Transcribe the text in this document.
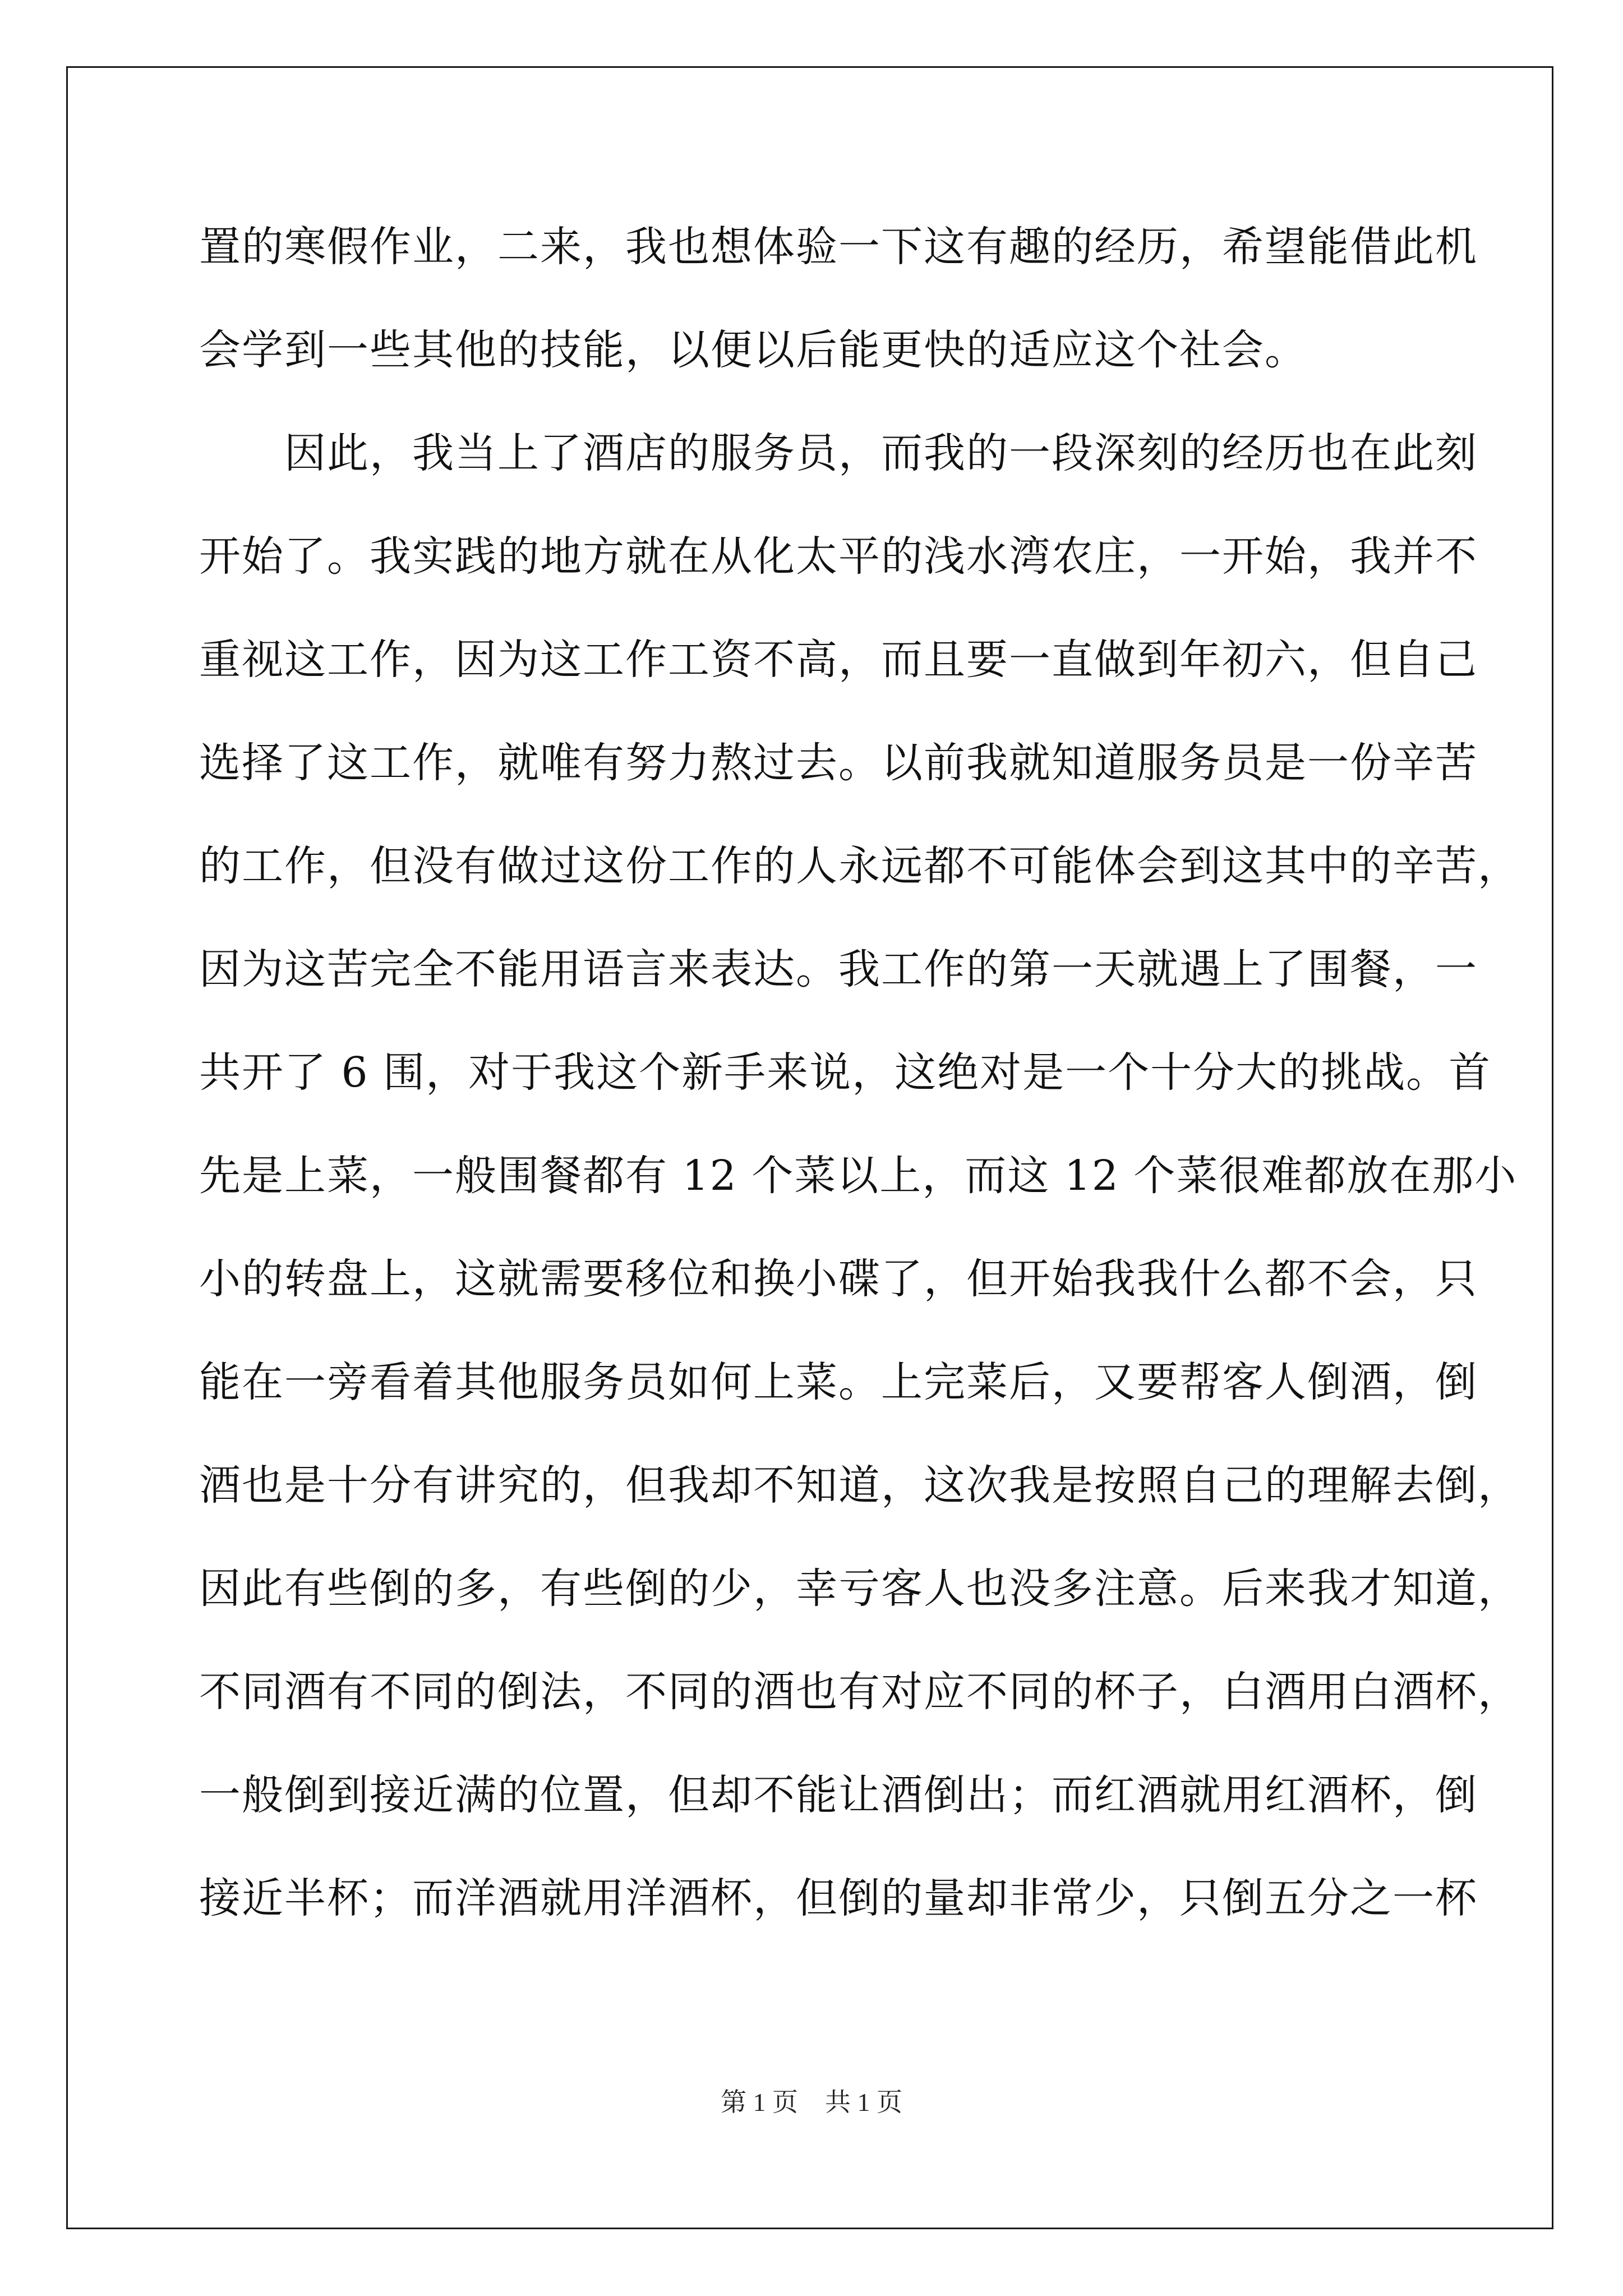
置的寒假作业，二来，我也想体验一下这有趣的经历，希望能借此机
会学到一些其他的技能，以便以后能更快的适应这个社会。
　　因此，我当上了酒店的服务员，而我的一段深刻的经历也在此刻
开始了。我实践的地方就在从化太平的浅水湾农庄，一开始，我并不
重视这工作，因为这工作工资不高，而且要一直做到年初六，但自己
选择了这工作，就唯有努力熬过去。以前我就知道服务员是一份辛苦
的工作，但没有做过这份工作的人永远都不可能体会到这其中的辛苦，
因为这苦完全不能用语言来表达。我工作的第一天就遇上了围餐，一
共开了 6 围，对于我这个新手来说，这绝对是一个十分大的挑战。首
先是上菜，一般围餐都有 12 个菜以上，而这 12 个菜很难都放在那小
小的转盘上，这就需要移位和换小碟了，但开始我我什么都不会，只
能在一旁看着其他服务员如何上菜。上完菜后，又要帮客人倒酒，倒
酒也是十分有讲究的，但我却不知道，这次我是按照自己的理解去倒，
因此有些倒的多，有些倒的少，幸亏客人也没多注意。后来我才知道，
不同酒有不同的倒法，不同的酒也有对应不同的杯子，白酒用白酒杯，
一般倒到接近满的位置，但却不能让酒倒出；而红酒就用红酒杯，倒
接近半杯；而洋酒就用洋酒杯，但倒的量却非常少，只倒五分之一杯
第 1 页 共 1 页
